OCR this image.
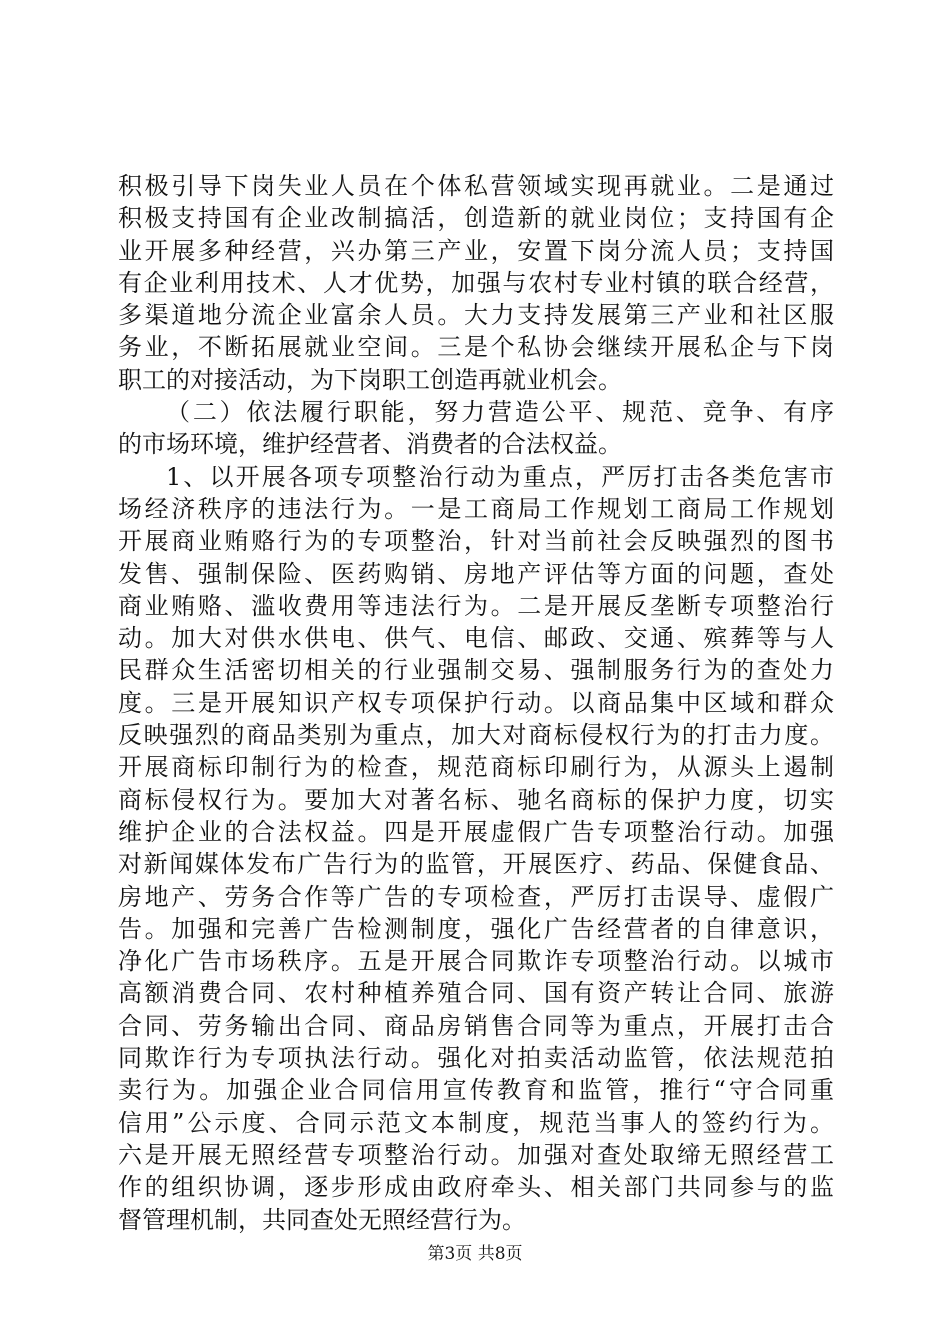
积极引导下岗失业人员在个体私营领域实现再就业。二是通过
积极支持国有企业改制搞活，创造新的就业岗位；支持国有企
业开展多种经营，兴办第三产业，安置下岗分流人员；支持国
有企业利用技术、人才优势，加强与农村专业村镇的联合经营，
多渠道地分流企业富余人员。大力支持发展第三产业和社区服
务业，不断拓展就业空间。三是个私协会继续开展私企与下岗
职工的对接活动，为下岗职工创造再就业机会。
（二）依法履行职能，努力营造公平、规范、竞争、有序
的市场环境，维护经营者、消费者的合法权益。
1、以开展各项专项整治行动为重点，严厉打击各类危害市
场经济秩序的违法行为。一是工商局工作规划工商局工作规划
开展商业贿赂行为的专项整治，针对当前社会反映强烈的图书
发售、强制保险、医药购销、房地产评估等方面的问题，查处
商业贿赂、滥收费用等违法行为。二是开展反垄断专项整治行
动。加大对供水供电、供气、电信、邮政、交通、殡葬等与人
民群众生活密切相关的行业强制交易、强制服务行为的查处力
度。三是开展知识产权专项保护行动。以商品集中区域和群众
反映强烈的商品类别为重点，加大对商标侵权行为的打击力度。
开展商标印制行为的检查，规范商标印刷行为，从源头上遏制
商标侵权行为。要加大对著名标、驰名商标的保护力度，切实
维护企业的合法权益。四是开展虚假广告专项整治行动。加强
对新闻媒体发布广告行为的监管，开展医疗、药品、保健食品、
房地产、劳务合作等广告的专项检查，严厉打击误导、虚假广
告。加强和完善广告检测制度，强化广告经营者的自律意识，
净化广告市场秩序。五是开展合同欺诈专项整治行动。以城市
高额消费合同、农村种植养殖合同、国有资产转让合同、旅游
合同、劳务输出合同、商品房销售合同等为重点，开展打击合
同欺诈行为专项执法行动。强化对拍卖活动监管，依法规范拍
卖行为。加强企业合同信用宣传教育和监管，推行“守合同重
信用”公示度、合同示范文本制度，规范当事人的签约行为。
六是开展无照经营专项整治行动。加强对查处取缔无照经营工
作的组织协调，逐步形成由政府牵头、相关部门共同参与的监
督管理机制，共同查处无照经营行为。
第3页 共8页
